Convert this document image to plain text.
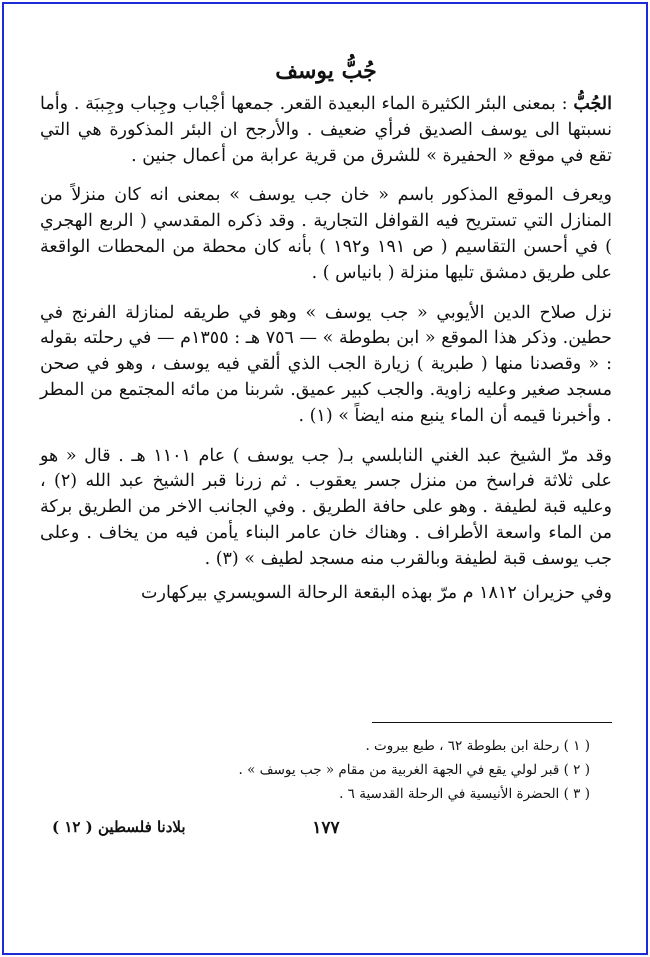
جُبُّ يوسف

الجُبُّ : بمعنى البئر الكثيرة الماء البعيدة القعر. جمعها أجْباب وجِباب وجِببَة . وأما نسبتها الى يوسف الصديق فرأي ضعيف . والأرجح ان البئر المذكورة هي التي تقع في موقع « الحفيرة » للشرق من قرية عرابة من أعمال جنين .

ويعرف الموقع المذكور باسم « خان جب يوسف » بمعنى انه كان منزلاً من المنازل التي تستريح فيه القوافل التجارية . وقد ذكره المقدسي ( الربع الهجري ) في أحسن التقاسيم ( ص ١٩١ و١٩٢ ) بأنه كان محطة من المحطات الواقعة على طريق دمشق تليها منزلة ( بانياس ) .

نزل صلاح الدين الأيوبي « جب يوسف » وهو في طريقه لمنازلة الفرنج في حطين. وذكر هذا الموقع « ابن بطوطة » — ٧٥٦ هـ : ١٣٥٥م — في رحلته بقوله : « وقصدنا منها ( طبرية ) زيارة الجب الذي ألقي فيه يوسف ، وهو في صحن مسجد صغير وعليه زاوية. والجب كبير عميق. شربنا من مائه المجتمع من المطر . وأخبرنا قيمه أن الماء ينبع منه ايضاً » (١) .

وقد مرّ الشيخ عبد الغني النابلسي بـ( جب يوسف ) عام ١١٠١ هـ . قال « هو على ثلاثة فراسخ من منزل جسر يعقوب . ثم زرنا قبر الشيخ عبد الله (٢) ، وعليه قبة لطيفة . وهو على حافة الطريق . وفي الجانب الاخر من الطريق بركة من الماء واسعة الأطراف . وهناك خان عامر البناء يأمن فيه من يخاف . وعلى جب يوسف قبة لطيفة وبالقرب منه مسجد لطيف » (٣) .

وفي حزيران ١٨١٢ م مرّ بهذه البقعة الرحالة السويسري بيركهارت

( ١ ) رحلة ابن بطوطة ٦٢ ، طبع بيروت .
( ٢ ) قبر لولي يقع في الجهة الغربية من مقام « جب يوسف » .
( ٣ ) الحضرة الأنيسية في الرحلة القدسية ٦ .
١٧٧
بلادنا فلسطين ( ١٢ )
